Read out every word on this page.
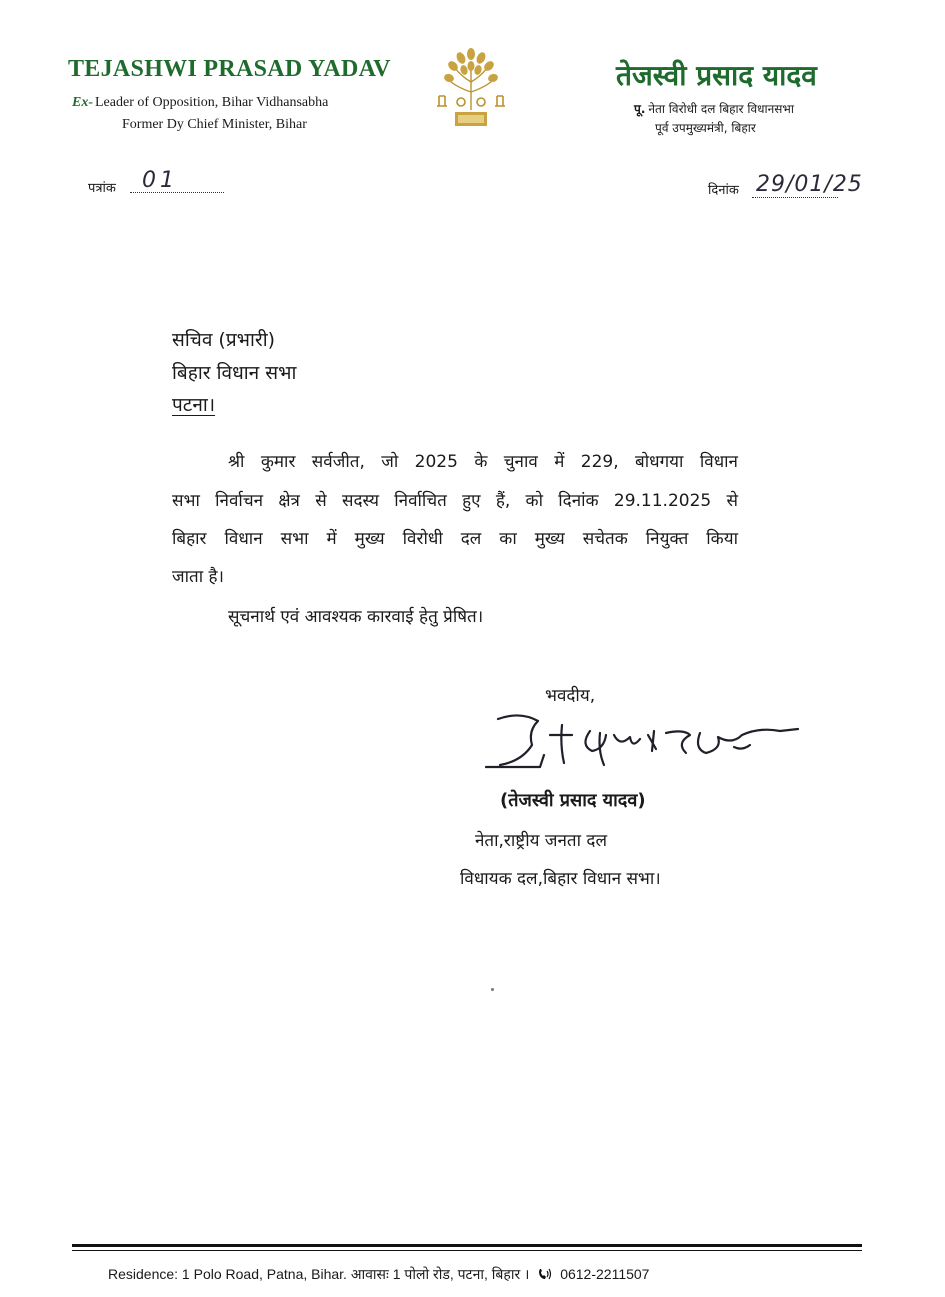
TEJASHWI PRASAD YADAV
Ex- Leader of Opposition, Bihar Vidhansabha
Former Dy Chief Minister, Bihar
तेजस्वी प्रसाद यादव
पू. नेता विरोधी दल बिहार विधानसभा
पूर्व उपमुख्यमंत्री, बिहार
पत्रांक 01	दिनांक 29/01/25
सचिव (प्रभारी)
बिहार विधान सभा
पटना।
श्री कुमार सर्वजीत, जो 2025 के चुनाव में 229, बोधगया विधान
सभा निर्वाचन क्षेत्र से सदस्य निर्वाचित हुए हैं, को दिनांक 29.11.2025 से
बिहार विधान सभा में मुख्य विरोधी दल का मुख्य सचेतक नियुक्त किया
जाता है।
सूचनार्थ एवं आवश्यक कारवाई हेतु प्रेषित।
भवदीय,
(तेजस्वी प्रसाद यादव)
नेता,राष्ट्रीय जनता दल
विधायक दल,बिहार विधान सभा।
Residence: 1 Polo Road, Patna, Bihar. आवासः 1 पोलो रोड, पटना, बिहार । 0612-2211507
